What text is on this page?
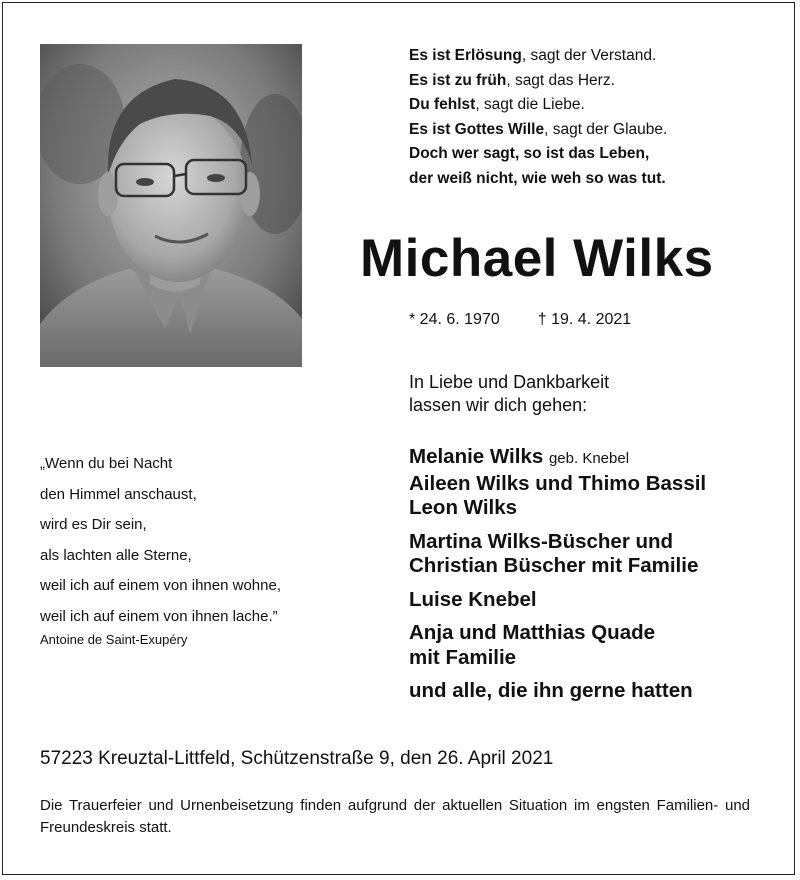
Es ist Erlösung, sagt der Verstand.
Es ist zu früh, sagt das Herz.
Du fehlst, sagt die Liebe.
Es ist Gottes Wille, sagt der Glaube.
Doch wer sagt, so ist das Leben,
der weiß nicht, wie weh so was tut.
Michael Wilks
* 24. 6. 1970 † 19. 4. 2021
In Liebe und Dankbarkeit
lassen wir dich gehen:
„Wenn du bei Nacht
den Himmel anschaust,
wird es Dir sein,
als lachten alle Sterne,
weil ich auf einem von ihnen wohne,
weil ich auf einem von ihnen lache.”
Antoine de Saint-Exupéry
Melanie Wilks geb. Knebel
Aileen Wilks und Thimo Bassil
Leon Wilks
Martina Wilks-Büscher und
Christian Büscher mit Familie
Luise Knebel
Anja und Matthias Quade
mit Familie
und alle, die ihn gerne hatten
57223 Kreuztal-Littfeld, Schützenstraße 9, den 26. April 2021
Die Trauerfeier und Urnenbeisetzung finden aufgrund der aktuellen Situation im engsten Familien- und Freundeskreis statt.
